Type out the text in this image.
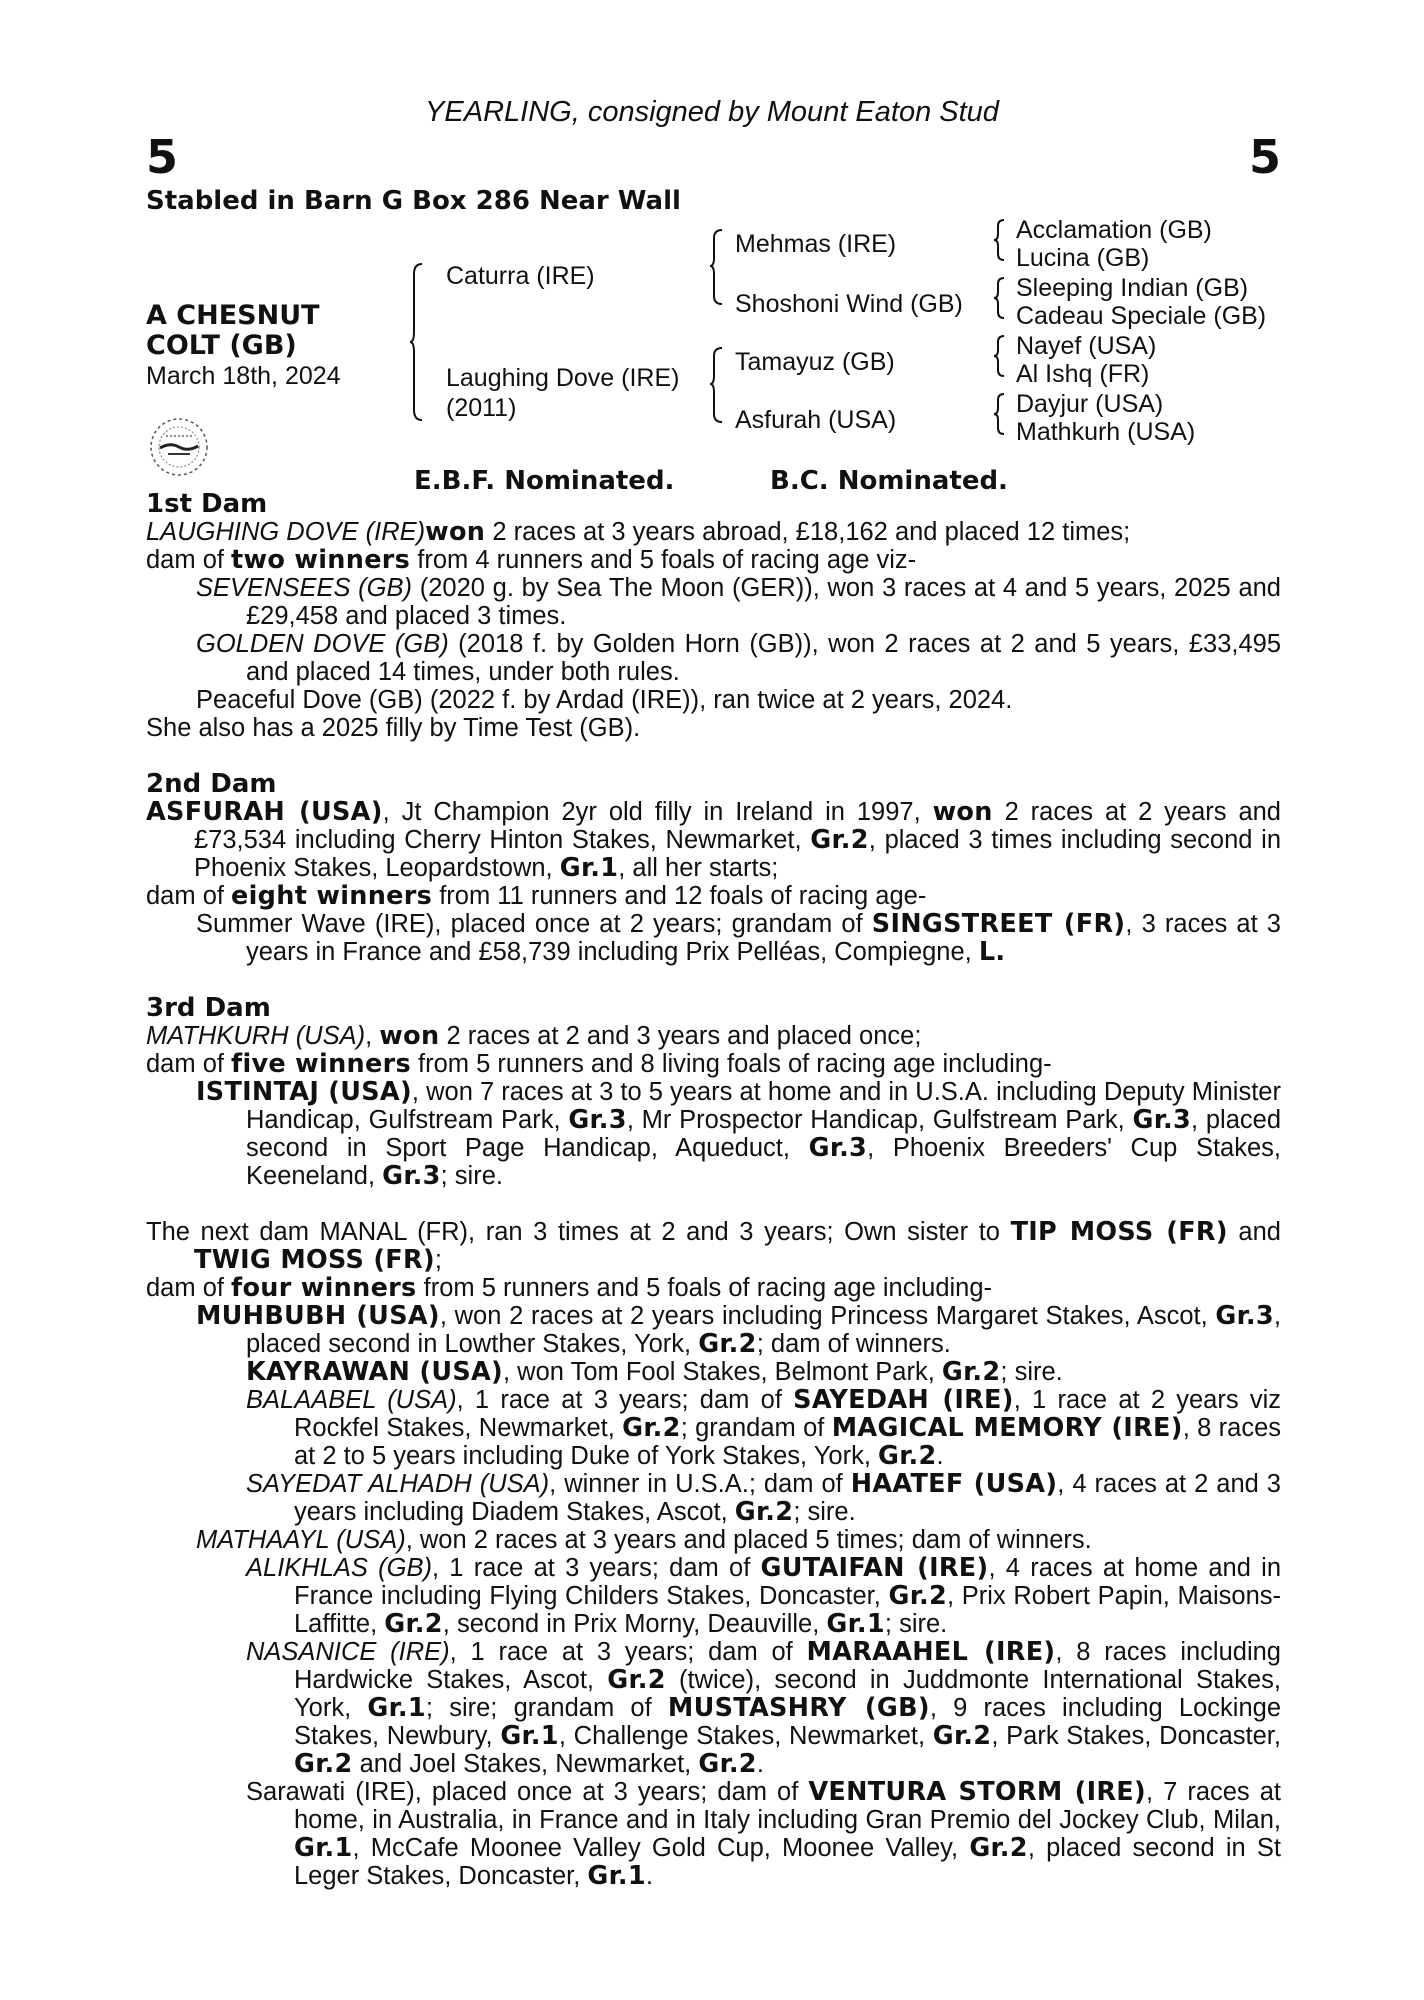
YEARLING, consigned by Mount Eaton Stud
5	5
Stabled in Barn G Box 286 Near Wall
A CHESNUT
COLT (GB)
March 18th, 2024
Caturra (IRE)
Laughing Dove (IRE)
(2011)
Mehmas (IRE)
Shoshoni Wind (GB)
Tamayuz (GB)
Asfurah (USA)
Acclamation (GB)
Lucina (GB)
Sleeping Indian (GB)
Cadeau Speciale (GB)
Nayef (USA)
Al Ishq (FR)
Dayjur (USA)
Mathkurh (USA)
E.B.F. Nominated.	B.C. Nominated.

1st Dam

LAUGHING DOVE (IRE)won 2 races at 3 years abroad, £18,162 and placed 12 times;

dam of two winners from 4 runners and 5 foals of racing age viz-

SEVENSEES (GB) (2020 g. by Sea The Moon (GER)), won 3 races at 4 and 5 years, 2025 and £29,458 and placed 3 times.

GOLDEN DOVE (GB) (2018 f. by Golden Horn (GB)), won 2 races at 2 and 5 years, £33,495 and placed 14 times, under both rules.

Peaceful Dove (GB) (2022 f. by Ardad (IRE)), ran twice at 2 years, 2024.

She also has a 2025 filly by Time Test (GB).

2nd Dam

ASFURAH (USA), Jt Champion 2yr old filly in Ireland in 1997, won 2 races at 2 years and £73,534 including Cherry Hinton Stakes, Newmarket, Gr.2, placed 3 times including second in Phoenix Stakes, Leopardstown, Gr.1, all her starts;

dam of eight winners from 11 runners and 12 foals of racing age-

Summer Wave (IRE), placed once at 2 years; grandam of SINGSTREET (FR), 3 races at 3 years in France and £58,739 including Prix Pelléas, Compiegne, L.

3rd Dam

MATHKURH (USA), won 2 races at 2 and 3 years and placed once;

dam of five winners from 5 runners and 8 living foals of racing age including-

ISTINTAJ (USA), won 7 races at 3 to 5 years at home and in U.S.A. including Deputy Minister Handicap, Gulfstream Park, Gr.3, Mr Prospector Handicap, Gulfstream Park, Gr.3, placed second in Sport Page Handicap, Aqueduct, Gr.3, Phoenix Breeders' Cup Stakes, Keeneland, Gr.3; sire.

The next dam MANAL (FR), ran 3 times at 2 and 3 years; Own sister to TIP MOSS (FR) and TWIG MOSS (FR);

dam of four winners from 5 runners and 5 foals of racing age including-

MUHBUBH (USA), won 2 races at 2 years including Princess Margaret Stakes, Ascot, Gr.3, placed second in Lowther Stakes, York, Gr.2; dam of winners.

KAYRAWAN (USA), won Tom Fool Stakes, Belmont Park, Gr.2; sire.

BALAABEL (USA), 1 race at 3 years; dam of SAYEDAH (IRE), 1 race at 2 years viz Rockfel Stakes, Newmarket, Gr.2; grandam of MAGICAL MEMORY (IRE), 8 races at 2 to 5 years including Duke of York Stakes, York, Gr.2.

SAYEDAT ALHADH (USA), winner in U.S.A.; dam of HAATEF (USA), 4 races at 2 and 3 years including Diadem Stakes, Ascot, Gr.2; sire.

MATHAAYL (USA), won 2 races at 3 years and placed 5 times; dam of winners.

ALIKHLAS (GB), 1 race at 3 years; dam of GUTAIFAN (IRE), 4 races at home and in France including Flying Childers Stakes, Doncaster, Gr.2, Prix Robert Papin, Maisons-Laffitte, Gr.2, second in Prix Morny, Deauville, Gr.1; sire.

NASANICE (IRE), 1 race at 3 years; dam of MARAAHEL (IRE), 8 races including Hardwicke Stakes, Ascot, Gr.2 (twice), second in Juddmonte International Stakes, York, Gr.1; sire; grandam of MUSTASHRY (GB), 9 races including Lockinge Stakes, Newbury, Gr.1, Challenge Stakes, Newmarket, Gr.2, Park Stakes, Doncaster, Gr.2 and Joel Stakes, Newmarket, Gr.2.

Sarawati (IRE), placed once at 3 years; dam of VENTURA STORM (IRE), 7 races at home, in Australia, in France and in Italy including Gran Premio del Jockey Club, Milan, Gr.1, McCafe Moonee Valley Gold Cup, Moonee Valley, Gr.2, placed second in St Leger Stakes, Doncaster, Gr.1.
